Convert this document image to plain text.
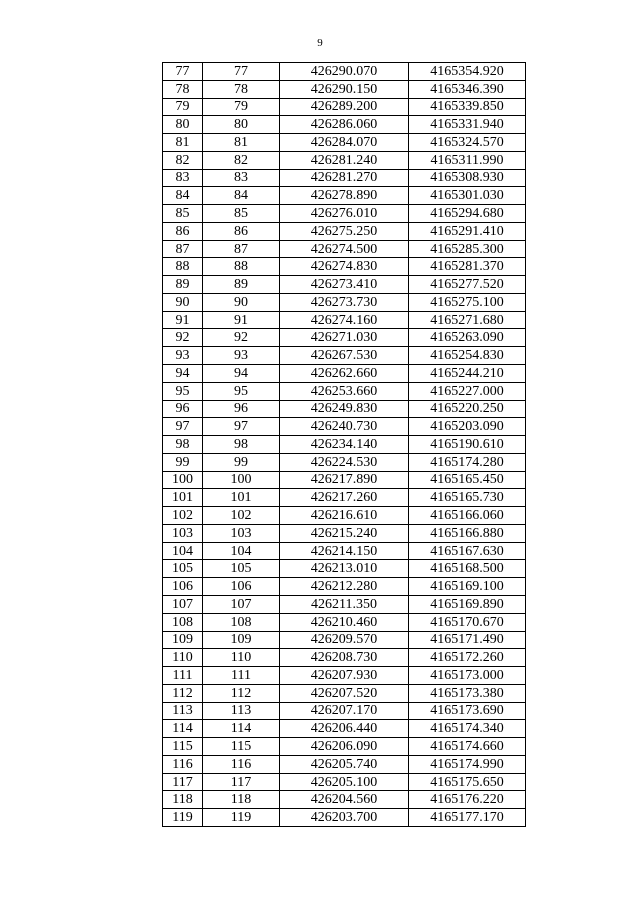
9
77	77	426290.070	4165354.920
78	78	426290.150	4165346.390
79	79	426289.200	4165339.850
80	80	426286.060	4165331.940
81	81	426284.070	4165324.570
82	82	426281.240	4165311.990
83	83	426281.270	4165308.930
84	84	426278.890	4165301.030
85	85	426276.010	4165294.680
86	86	426275.250	4165291.410
87	87	426274.500	4165285.300
88	88	426274.830	4165281.370
89	89	426273.410	4165277.520
90	90	426273.730	4165275.100
91	91	426274.160	4165271.680
92	92	426271.030	4165263.090
93	93	426267.530	4165254.830
94	94	426262.660	4165244.210
95	95	426253.660	4165227.000
96	96	426249.830	4165220.250
97	97	426240.730	4165203.090
98	98	426234.140	4165190.610
99	99	426224.530	4165174.280
100	100	426217.890	4165165.450
101	101	426217.260	4165165.730
102	102	426216.610	4165166.060
103	103	426215.240	4165166.880
104	104	426214.150	4165167.630
105	105	426213.010	4165168.500
106	106	426212.280	4165169.100
107	107	426211.350	4165169.890
108	108	426210.460	4165170.670
109	109	426209.570	4165171.490
110	110	426208.730	4165172.260
111	111	426207.930	4165173.000
112	112	426207.520	4165173.380
113	113	426207.170	4165173.690
114	114	426206.440	4165174.340
115	115	426206.090	4165174.660
116	116	426205.740	4165174.990
117	117	426205.100	4165175.650
118	118	426204.560	4165176.220
119	119	426203.700	4165177.170
